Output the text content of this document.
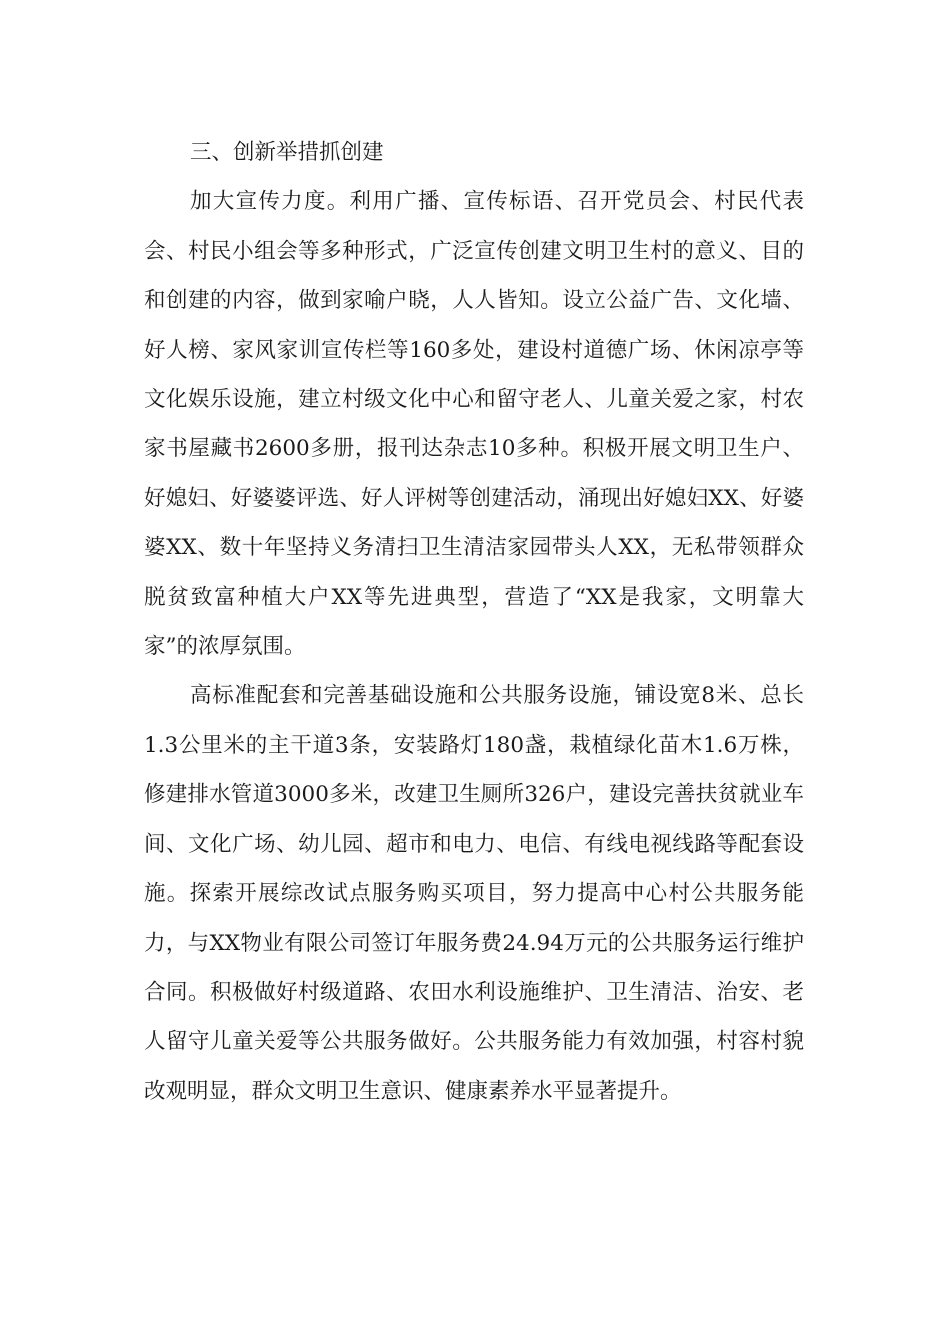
三、创新举措抓创建

加大宣传力度。利用广播、宣传标语、召开党员会、村民代表会、村民小组会等多种形式，广泛宣传创建文明卫生村的意义、目的和创建的内容，做到家喻户晓，人人皆知。设立公益广告、文化墙、好人榜、家风家训宣传栏等160多处，建设村道德广场、休闲凉亭等文化娱乐设施，建立村级文化中心和留守老人、儿童关爱之家，村农家书屋藏书2600多册，报刊达杂志10多种。积极开展文明卫生户、好媳妇、好婆婆评选、好人评树等创建活动，涌现出好媳妇XX、好婆婆XX、数十年坚持义务清扫卫生清洁家园带头人XX，无私带领群众脱贫致富种植大户XX等先进典型，营造了“XX是我家，文明靠大家”的浓厚氛围。

高标准配套和完善基础设施和公共服务设施，铺设宽8米、总长1.3公里米的主干道3条，安装路灯180盏，栽植绿化苗木1.6万株，修建排水管道3000多米，改建卫生厕所326户，建设完善扶贫就业车间、文化广场、幼儿园、超市和电力、电信、有线电视线路等配套设施。探索开展综改试点服务购买项目，努力提高中心村公共服务能力，与XX物业有限公司签订年服务费24.94万元的公共服务运行维护合同。积极做好村级道路、农田水利设施维护、卫生清洁、治安、老人留守儿童关爱等公共服务做好。公共服务能力有效加强，村容村貌改观明显，群众文明卫生意识、健康素养水平显著提升。
